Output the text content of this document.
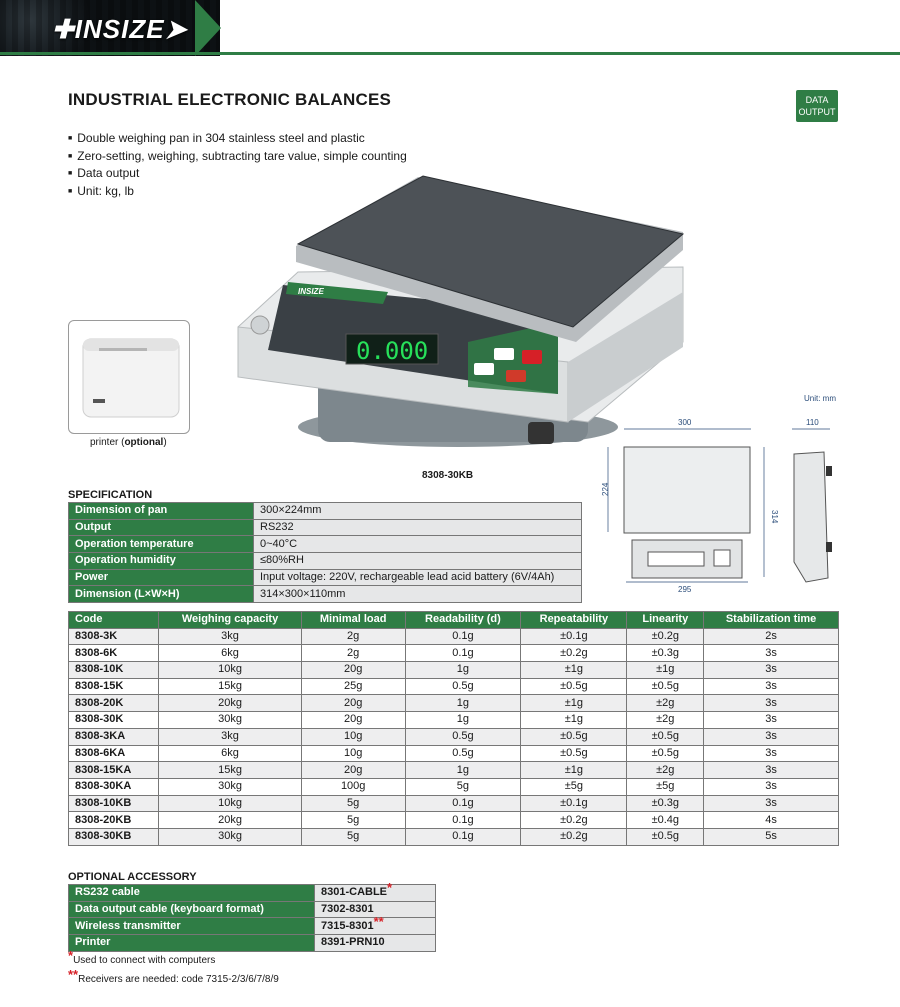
✚INSIZE➤
INDUSTRIAL ELECTRONIC BALANCES	DATA
OUTPUT
■ Double weighing pan in 304 stainless steel and plastic
■ Zero-setting, weighing, subtracting tare value, simple counting
■ Data output
■ Unit: kg, lb
INSIZE
0.000
printer (optional)
8308-30KB
Unit: mm
300
224
314
295
110
SPECIFICATION
Dimension of pan	300×224mm
Output	RS232
Operation temperature	0~40°C
Operation humidity	≤80%RH
Power	Input voltage: 220V, rechargeable lead acid battery (6V/4Ah)
Dimension (L×W×H)	314×300×110mm
Code	Weighing capacity	Minimal load	Readability (d)	Repeatability	Linearity	Stabilization time
8308-3K	3kg	2g	0.1g	±0.1g	±0.2g	2s
8308-6K	6kg	2g	0.1g	±0.2g	±0.3g	3s
8308-10K	10kg	20g	1g	±1g	±1g	3s
8308-15K	15kg	25g	0.5g	±0.5g	±0.5g	3s
8308-20K	20kg	20g	1g	±1g	±2g	3s
8308-30K	30kg	20g	1g	±1g	±2g	3s
8308-3KA	3kg	10g	0.5g	±0.5g	±0.5g	3s
8308-6KA	6kg	10g	0.5g	±0.5g	±0.5g	3s
8308-15KA	15kg	20g	1g	±1g	±2g	3s
8308-30KA	30kg	100g	5g	±5g	±5g	3s
8308-10KB	10kg	5g	0.1g	±0.1g	±0.3g	3s
8308-20KB	20kg	5g	0.1g	±0.2g	±0.4g	4s
8308-30KB	30kg	5g	0.1g	±0.2g	±0.5g	5s
OPTIONAL ACCESSORY
RS232 cable	8301-CABLE*
Data output cable (keyboard format)	7302-8301
Wireless transmitter	7315-8301**
Printer	8391-PRN10
*Used to connect with computers
**Receivers are needed: code 7315-2/3/6/7/8/9
